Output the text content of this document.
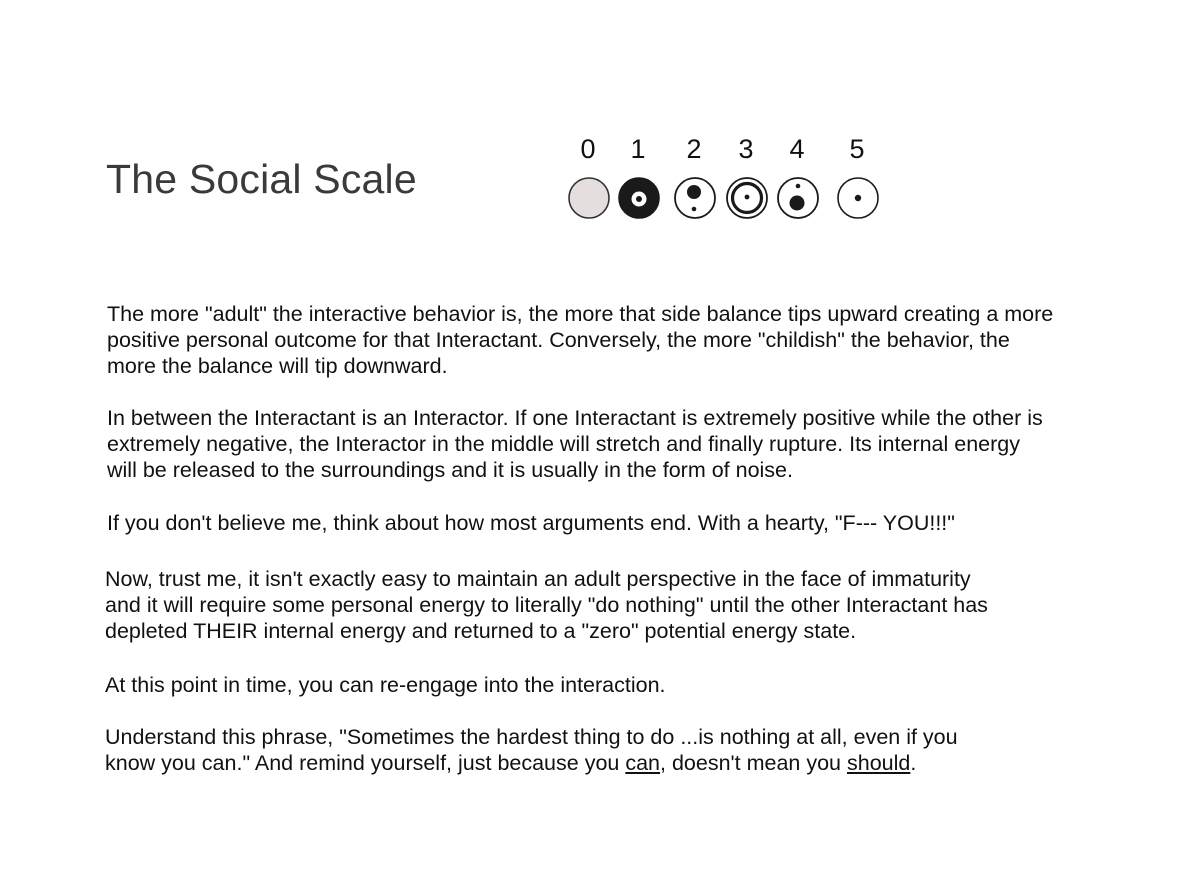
The Social Scale
0 1 2 3 4 5
The more "adult" the interactive behavior is, the more that side balance tips upward creating a more
positive personal outcome for that Interactant. Conversely, the more "childish" the behavior, the
more the balance will tip downward.
In between the Interactant is an Interactor. If one Interactant is extremely positive while the other is
extremely negative, the Interactor in the middle will stretch and finally rupture. Its internal energy
will be released to the surroundings and it is usually in the form of noise.
If you don't believe me, think about how most arguments end. With a hearty, "F--- YOU!!!"
Now, trust me, it isn't exactly easy to maintain an adult perspective in the face of immaturity
and it will require some personal energy to literally "do nothing" until the other Interactant has
depleted THEIR internal energy and returned to a "zero" potential energy state.
At this point in time, you can re-engage into the interaction.
Understand this phrase, "Sometimes the hardest thing to do ...is nothing at all, even if you
know you can." And remind yourself, just because you can, doesn't mean you should.
